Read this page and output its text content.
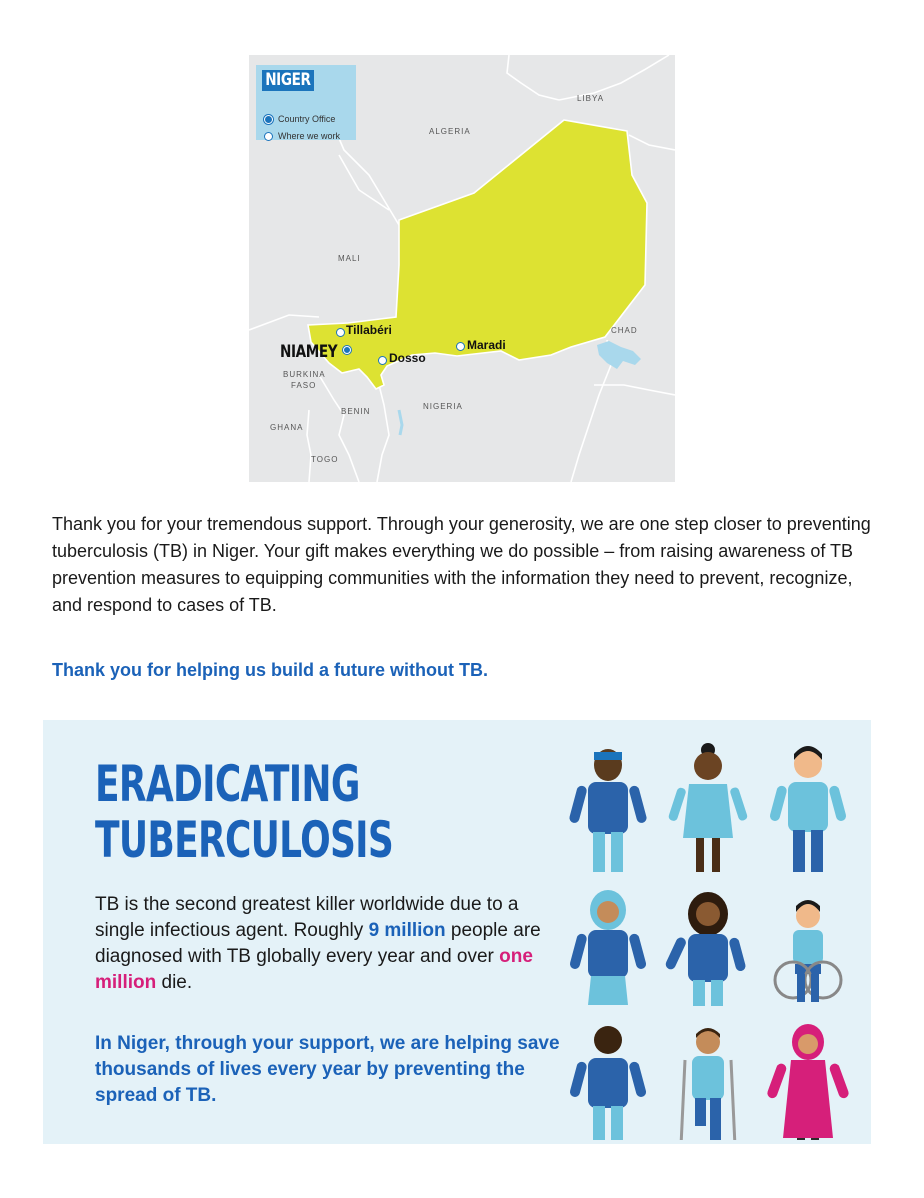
NIGER
Country Office
Where we work
LIBYA
ALGERIA
MALI
CHAD
BURKINA
FASO
BENIN
NIGERIA
GHANA
TOGO
Tillabéri
NIAMEY	Dosso
Maradi

Thank you for your tremendous support. Through your generosity, we are one step closer to preventing tuberculosis (TB) in Niger. Your gift makes everything we do possible – from raising awareness of TB prevention measures to equipping communities with the information they need to prevent, recognize, and respond to cases of TB.

Thank you for helping us build a future without TB.

ERADICATING
TUBERCULOSIS

TB is the second greatest killer worldwide due to a single infectious agent. Roughly 9 million people are diagnosed with TB globally every year and over one million die.

In Niger, through your support, we are helping save thousands of lives every year by preventing the spread of TB.
